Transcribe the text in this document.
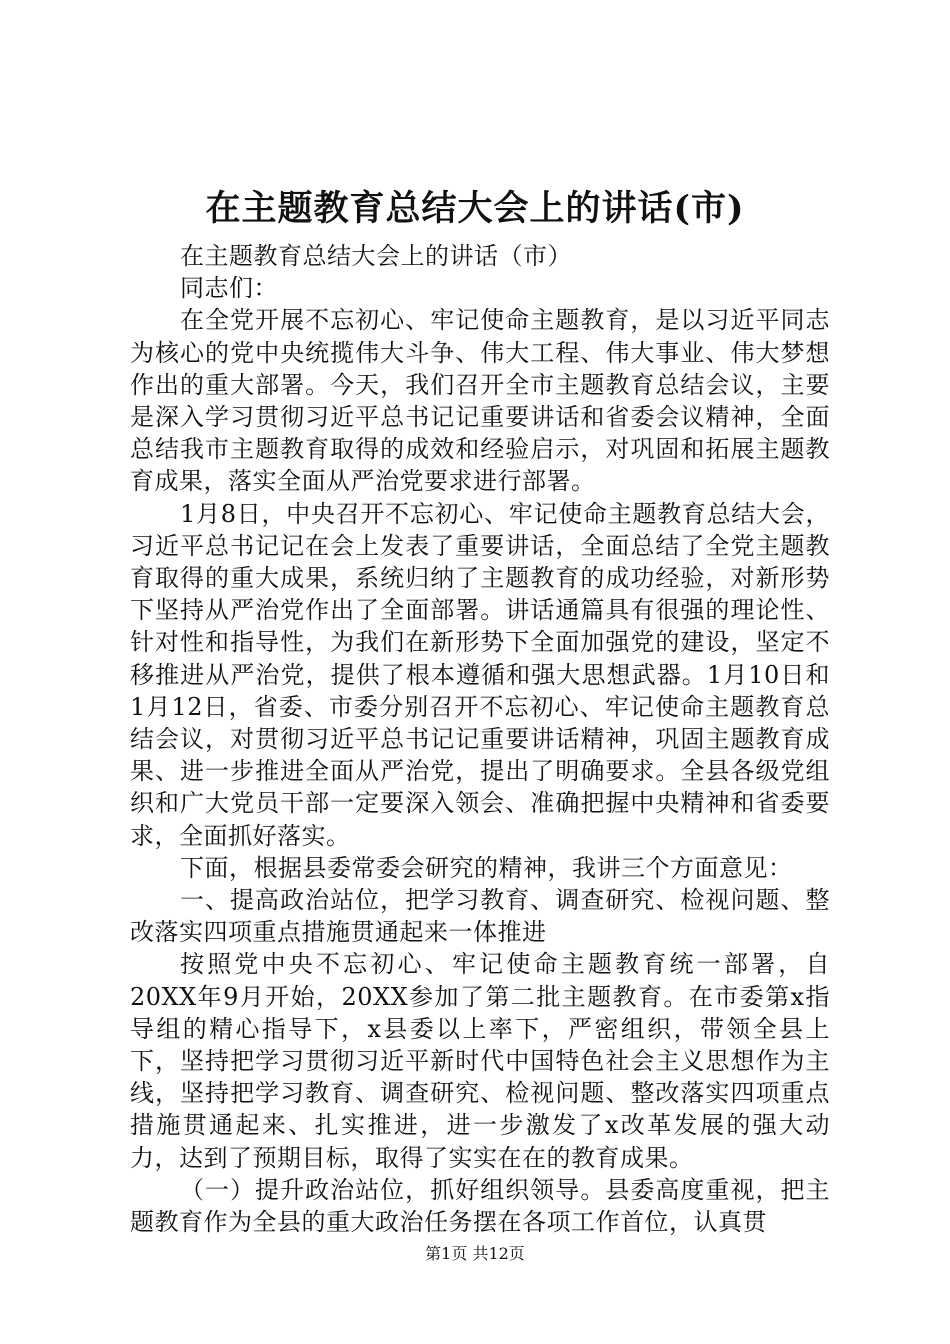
在主题教育总结大会上的讲话(市)

在主题教育总结大会上的讲话（市）

同志们：

在全党开展不忘初心、牢记使命主题教育，是以习近平同志为核心的党中央统揽伟大斗争、伟大工程、伟大事业、伟大梦想作出的重大部署。今天，我们召开全市主题教育总结会议，主要是深入学习贯彻习近平总书记记重要讲话和省委会议精神，全面总结我市主题教育取得的成效和经验启示，对巩固和拓展主题教育成果，落实全面从严治党要求进行部署。

1月8日，中央召开不忘初心、牢记使命主题教育总结大会，习近平总书记记在会上发表了重要讲话，全面总结了全党主题教育取得的重大成果，系统归纳了主题教育的成功经验，对新形势下坚持从严治党作出了全面部署。讲话通篇具有很强的理论性、针对性和指导性，为我们在新形势下全面加强党的建设，坚定不移推进从严治党，提供了根本遵循和强大思想武器。1月10日和1月12日，省委、市委分别召开不忘初心、牢记使命主题教育总结会议，对贯彻习近平总书记记重要讲话精神，巩固主题教育成果、进一步推进全面从严治党，提出了明确要求。全县各级党组织和广大党员干部一定要深入领会、准确把握中央精神和省委要求，全面抓好落实。

下面，根据县委常委会研究的精神，我讲三个方面意见：

一、提高政治站位，把学习教育、调查研究、检视问题、整改落实四项重点措施贯通起来一体推进

按照党中央不忘初心、牢记使命主题教育统一部署，自20XX年9月开始，20XX参加了第二批主题教育。在市委第x指导组的精心指导下，x县委以上率下，严密组织，带领全县上下，坚持把学习贯彻习近平新时代中国特色社会主义思想作为主线，坚持把学习教育、调查研究、检视问题、整改落实四项重点措施贯通起来、扎实推进，进一步激发了x改革发展的强大动力，达到了预期目标，取得了实实在在的教育成果。

（一）提升政治站位，抓好组织领导。县委高度重视，把主题教育作为全县的重大政治任务摆在各项工作首位，认真贯

第1页 共12页
